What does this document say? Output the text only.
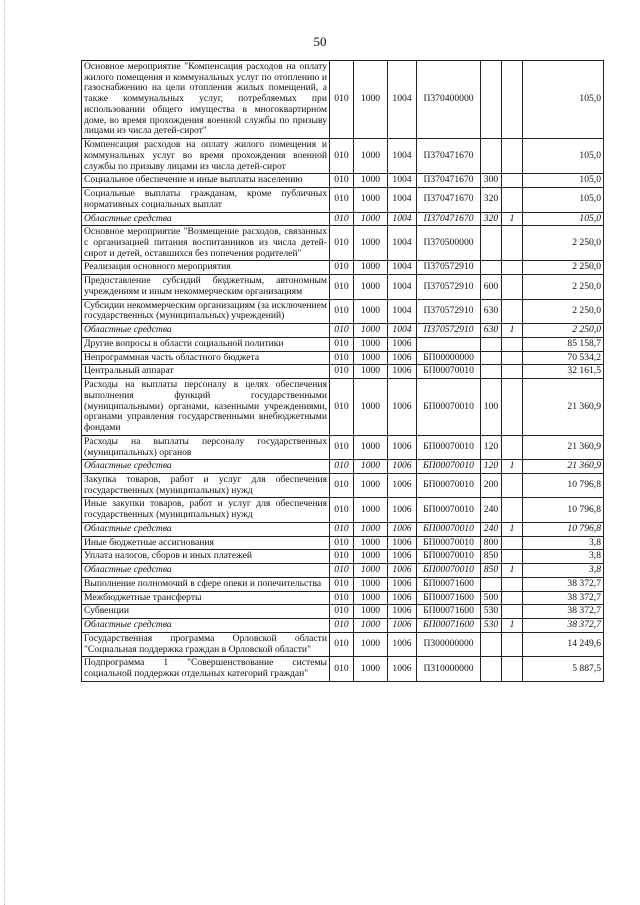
50
Основное мероприятие "Компенсация расходов на оплату жилого помещения и коммунальных услуг по отоплению и газоснабжению на цели отопления жилых помещений, а также коммунальных услуг, потребляемых при использовании общего имущества в многоквартирном доме, во время прохождения военной службы по призыву лицами из числа детей-сирот"	010	1000	1004	П370400000			105,0
Компенсация расходов на оплату жилого помещения и коммунальных услуг во время прохождения военной службы по призыву лицами из числа детей-сирот	010	1000	1004	П370471670			105,0
Социальное обеспечение и иные выплаты населению	010	1000	1004	П370471670	300		105,0
Социальные выплаты гражданам, кроме публичных нормативных социальных выплат	010	1000	1004	П370471670	320		105,0
Областные средства	010	1000	1004	П370471670	320	1	105,0
Основное мероприятие "Возмещение расходов, связанных с организацией питания воспитанников из числа детей-сирот и детей, оставшихся без попечения родителей"	010	1000	1004	П370500000			2 250,0
Реализация основного мероприятия	010	1000	1004	П370572910			2 250,0
Предоставление субсидий бюджетным, автономным учреждениям и иным некоммерческим организациям	010	1000	1004	П370572910	600		2 250,0
Субсидии некоммерческим организациям (за исключением государственных (муниципальных) учреждений)	010	1000	1004	П370572910	630		2 250,0
Областные средства	010	1000	1004	П370572910	630	1	2 250,0
Другие вопросы в области социальной политики	010	1000	1006				85 158,7
Непрограммная часть областного бюджета	010	1000	1006	БП00000000			70 534,2
Центральный аппарат	010	1000	1006	БП00070010			32 161,5
Расходы на выплаты персоналу в целях обеспечения выполнения функций государственными (муниципальными) органами, казенными учреждениями, органами управления государственными внебюджетными фондами	010	1000	1006	БП00070010	100		21 360,9
Расходы на выплаты персоналу государственных (муниципальных) органов	010	1000	1006	БП00070010	120		21 360,9
Областные средства	010	1000	1006	БП00070010	120	1	21 360,9
Закупка товаров, работ и услуг для обеспечения государственных (муниципальных) нужд	010	1000	1006	БП00070010	200		10 796,8
Иные закупки товаров, работ и услуг для обеспечения государственных (муниципальных) нужд	010	1000	1006	БП00070010	240		10 796,8
Областные средства	010	1000	1006	БП00070010	240	1	10 796,8
Иные бюджетные ассигнования	010	1000	1006	БП00070010	800		3,8
Уплата налогов, сборов и иных платежей	010	1000	1006	БП00070010	850		3,8
Областные средства	010	1000	1006	БП00070010	850	1	3,8
Выполнение полномочий в сфере опеки и попечительства	010	1000	1006	БП00071600			38 372,7
Межбюджетные трансферты	010	1000	1006	БП00071600	500		38 372,7
Субвенции	010	1000	1006	БП00071600	530		38 372,7
Областные средства	010	1000	1006	БП00071600	530	1	38 372,7
Государственная программа Орловской области "Социальная поддержка граждан в Орловской области"	010	1000	1006	П300000000			14 249,6
Подпрограмма 1 "Совершенствование системы социальной поддержки отдельных категорий граждан"	010	1000	1006	П310000000			5 887,5
